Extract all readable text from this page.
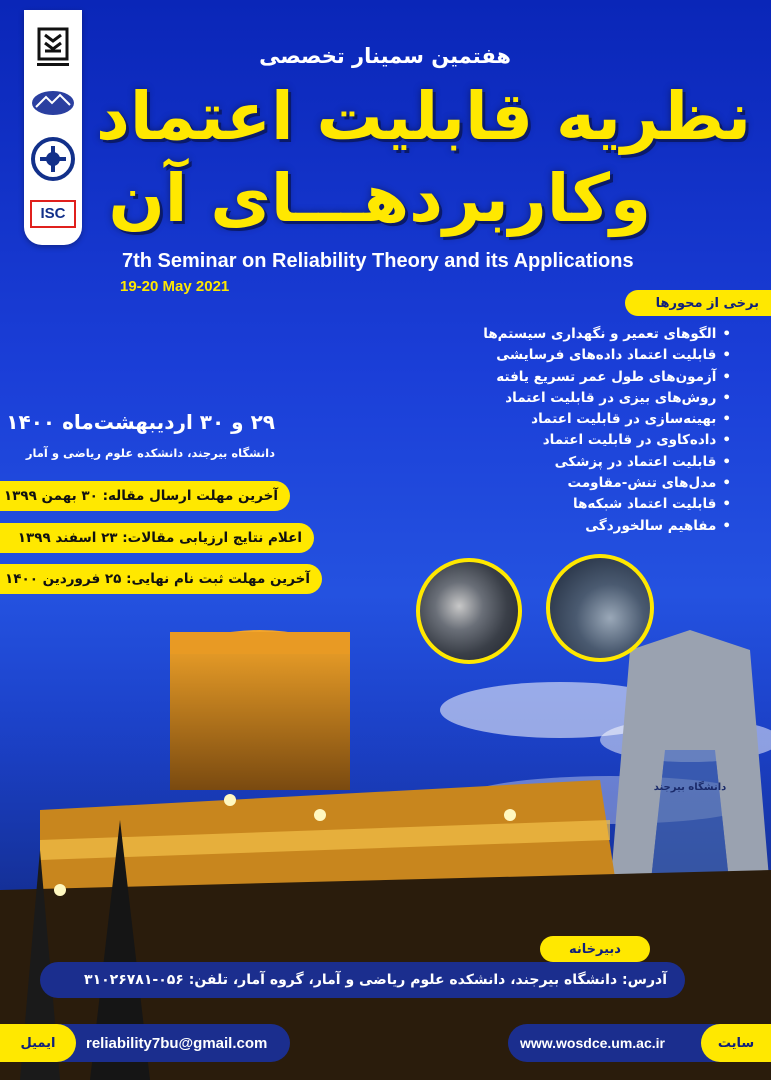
ISC
هفتمین سمینار تخصصی
نظریه قابلیت اعتماد
وکاربردهـــای آن
7th Seminar on Reliability Theory and its Applications
19-20 May 2021
برخی از محورها
• الگوهای تعمیر و نگهداری سیستم‌ها
• قابلیت اعتماد داده‌های فرسایشی
• آزمون‌های طول عمر تسریع یافته
• روش‌های بیزی در قابلیت اعتماد
• بهینه‌سازی در قابلیت اعتماد
• داده‌کاوی در قابلیت اعتماد
• قابلیت اعتماد در پزشکی
• مدل‌های تنش-مقاومت
• قابلیت اعتماد شبکه‌ها
• مفاهیم سالخوردگی
۲۹ و ۳۰ اردیبهشت‌ماه ۱۴۰۰
دانشگاه بیرجند، دانشکده علوم ریاضی و آمار
آخرین مهلت ارسال مقاله: ۳۰ بهمن ۱۳۹۹
اعلام نتایج ارزیابی مقالات: ۲۳ اسفند ۱۳۹۹
آخرین مهلت ثبت نام نهایی: ۲۵ فروردین ۱۴۰۰
دانشگاه بیرجند
دبیرخانه
آدرس: دانشگاه بیرجند، دانشکده علوم ریاضی و آمار، گروه آمار، تلفن: ۰۵۶-۳۱۰۲۶۷۸۱
ایمیل	reliability7bu@gmail.com	www.wosdce.um.ac.ir	سایت
